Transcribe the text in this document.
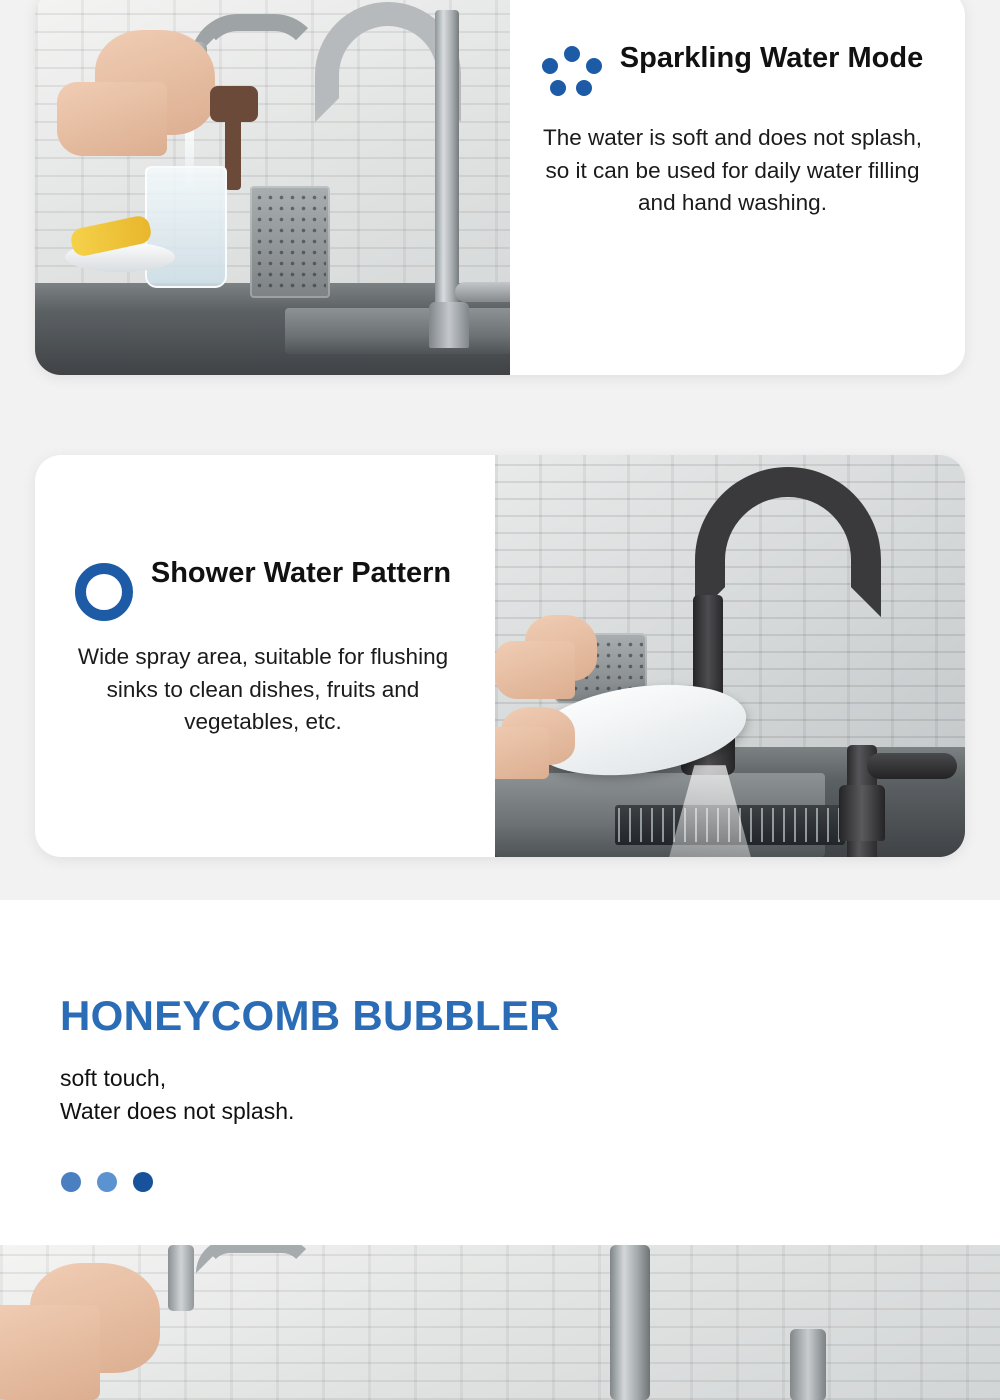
Sparkling Water Mode

The water is soft and does not splash, so it can be used for daily water filling and hand washing.

Shower Water Pattern

Wide spray area, suitable for flushing sinks to clean dishes, fruits and vegetables, etc.

HONEYCOMB BUBBLER
soft touch,
Water does not splash.
